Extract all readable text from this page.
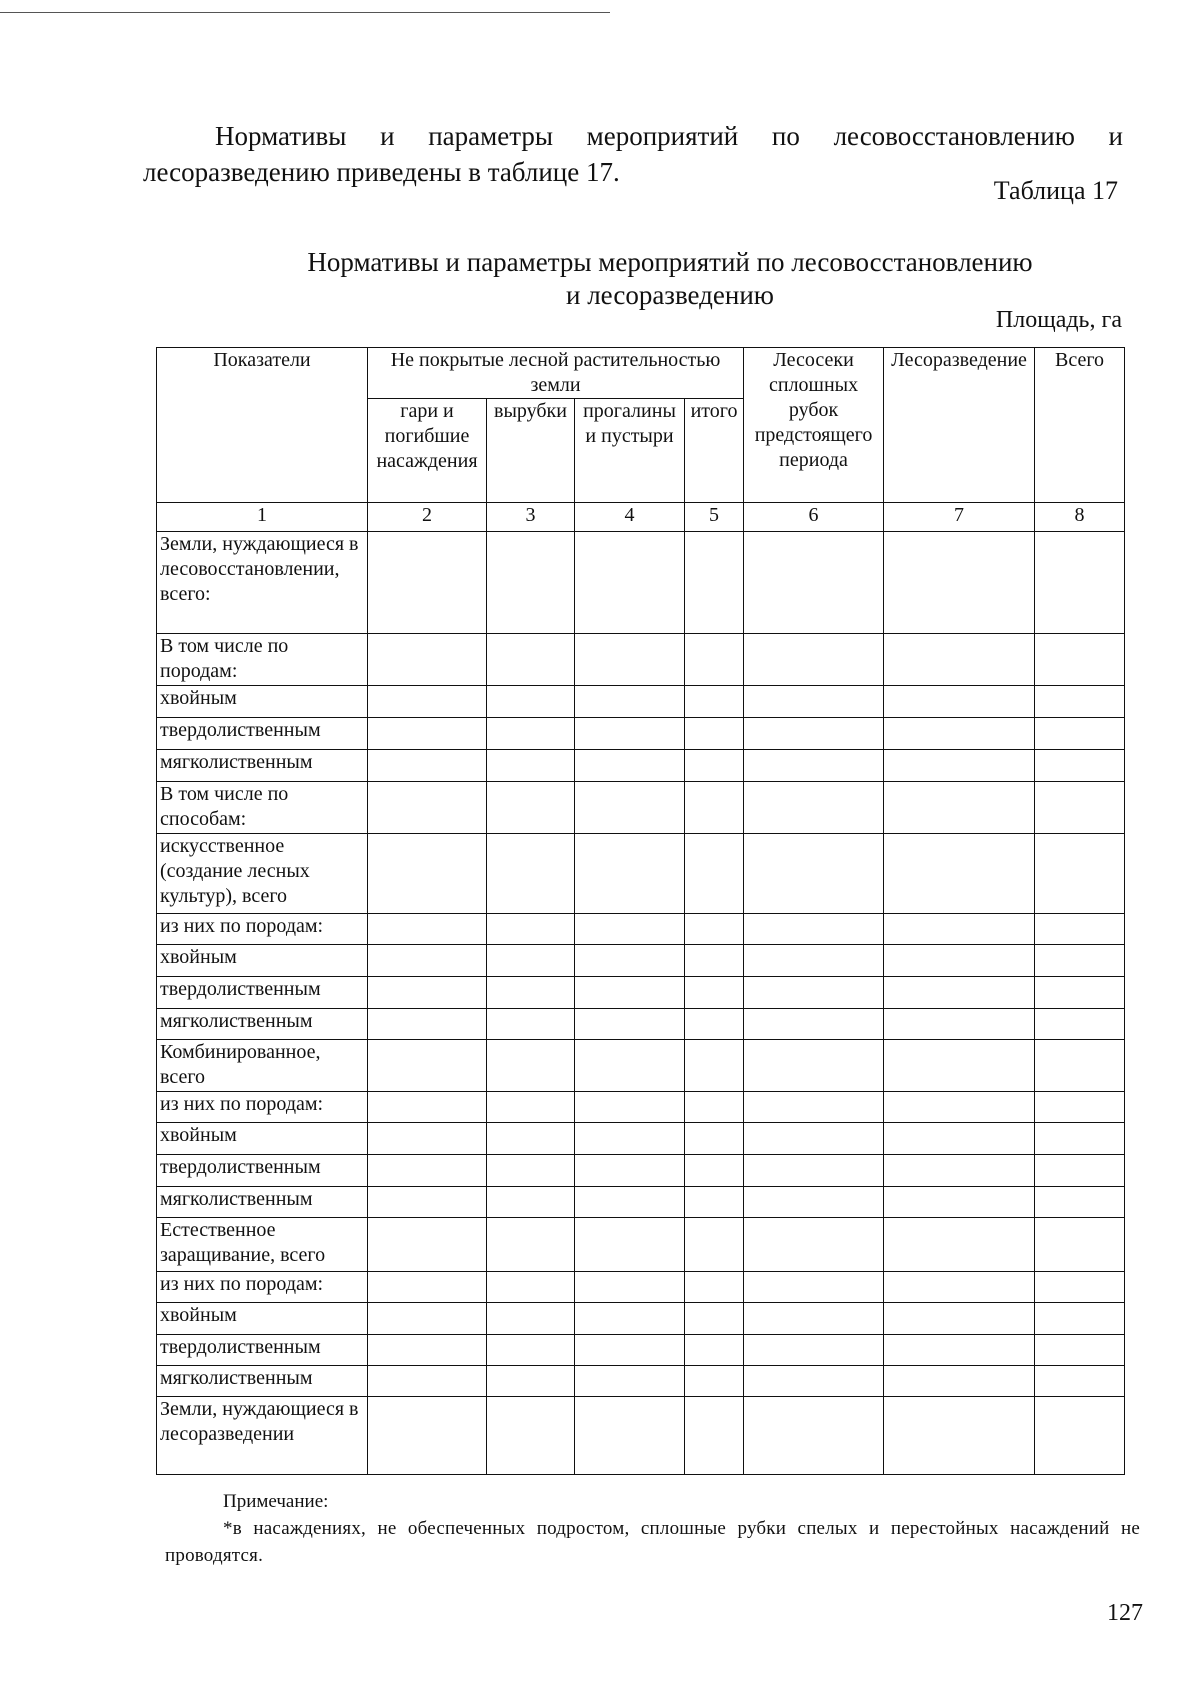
Нормативы и параметры мероприятий по лесовосстановлению и
лесоразведению приведены в таблице 17.
Таблица 17
Нормативы и параметры мероприятий по лесовосстановлению
и лесоразведению
Площадь, га
Показатели	Не покрытые лесной растительностью земли				Лесосеки сплошных рубок предстоящего периода	Лесоразведение	Всего
	гари и погибшие насаждения	вырубки	прогалины и пустыри	итого			
1	2	3	4	5	6	7	8
Земли, нуждающиеся в лесовосстановлении, всего:							
В том числе по породам:							
хвойным							
твердолиственным							
мягколиственным							
В том числе по способам:							
искусственное (создание лесных культур), всего							
из них по породам:							
хвойным							
твердолиственным							
мягколиственным							
Комбинированное, всего							
из них по породам:							
хвойным							
твердолиственным							
мягколиственным							
Естественное заращивание, всего							
из них по породам:							
хвойным							
твердолиственным							
мягколиственным							
Земли, нуждающиеся в лесоразведении							
Примечание:
*в насаждениях, не обеспеченных подростом, сплошные рубки спелых и перестойных насаждений не проводятся.
127
